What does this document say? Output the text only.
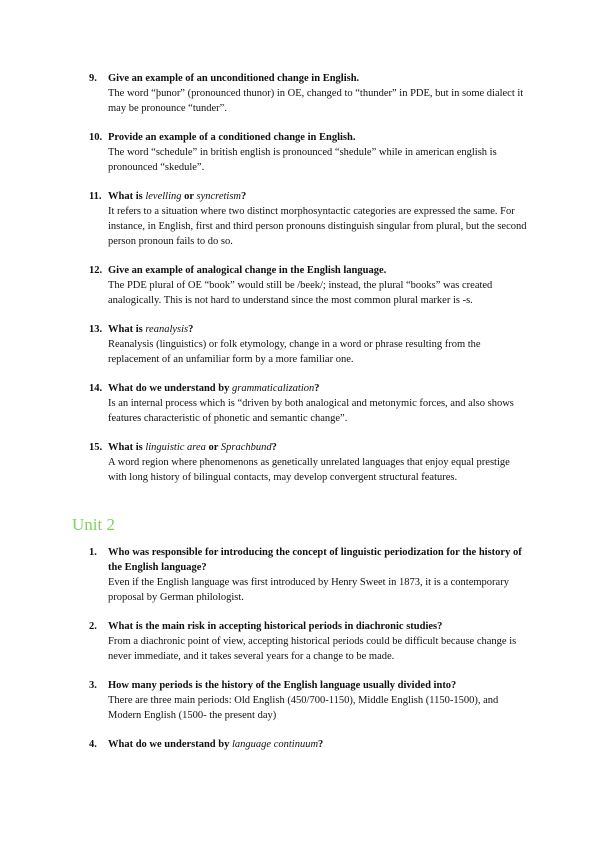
9. Give an example of an unconditioned change in English.

The word “þunor” (pronounced thunor) in OE, changed to “thunder” in PDE, but in some dialect it may be pronounce “tunder”.

10. Provide an example of a conditioned change in English.

The word “schedule” in british english is pronounced “shedule” while in american english is pronounced “skedule”.

11. What is levelling or syncretism?

It refers to a situation where two distinct morphosyntactic categories are expressed the same. For instance, in English, first and third person pronouns distinguish singular from plural, but the second person pronoun fails to do so.

12. Give an example of analogical change in the English language.

The PDE plural of OE “book” would still be /beek/; instead, the plural “books” was created analogically. This is not hard to understand since the most common plural marker is -s.

13. What is reanalysis?

Reanalysis (linguistics) or folk etymology, change in a word or phrase resulting from the replacement of an unfamiliar form by a more familiar one.

14. What do we understand by grammaticalization?

Is an internal process which is “driven by both analogical and metonymic forces, and also shows features characteristic of phonetic and semantic change”.

15. What is linguistic area or Sprachbund?

A word region where phenomenons as genetically unrelated languages that enjoy equal prestige with long history of bilingual contacts, may develop convergent structural features.

Unit 2
1. Who was responsible for introducing the concept of linguistic periodization for the history of the English language?

Even if the English language was first introduced by Henry Sweet in 1873, it is a contemporary proposal by German philologist.

2. What is the main risk in accepting historical periods in diachronic studies?

From a diachronic point of view, accepting historical periods could be difficult because change is never immediate, and it takes several years for a change to be made.

3. How many periods is the history of the English language usually divided into?

There are three main periods: Old English (450/700-1150), Middle English (1150-1500), and Modern English (1500- the present day)

4. What do we understand by language continuum?
